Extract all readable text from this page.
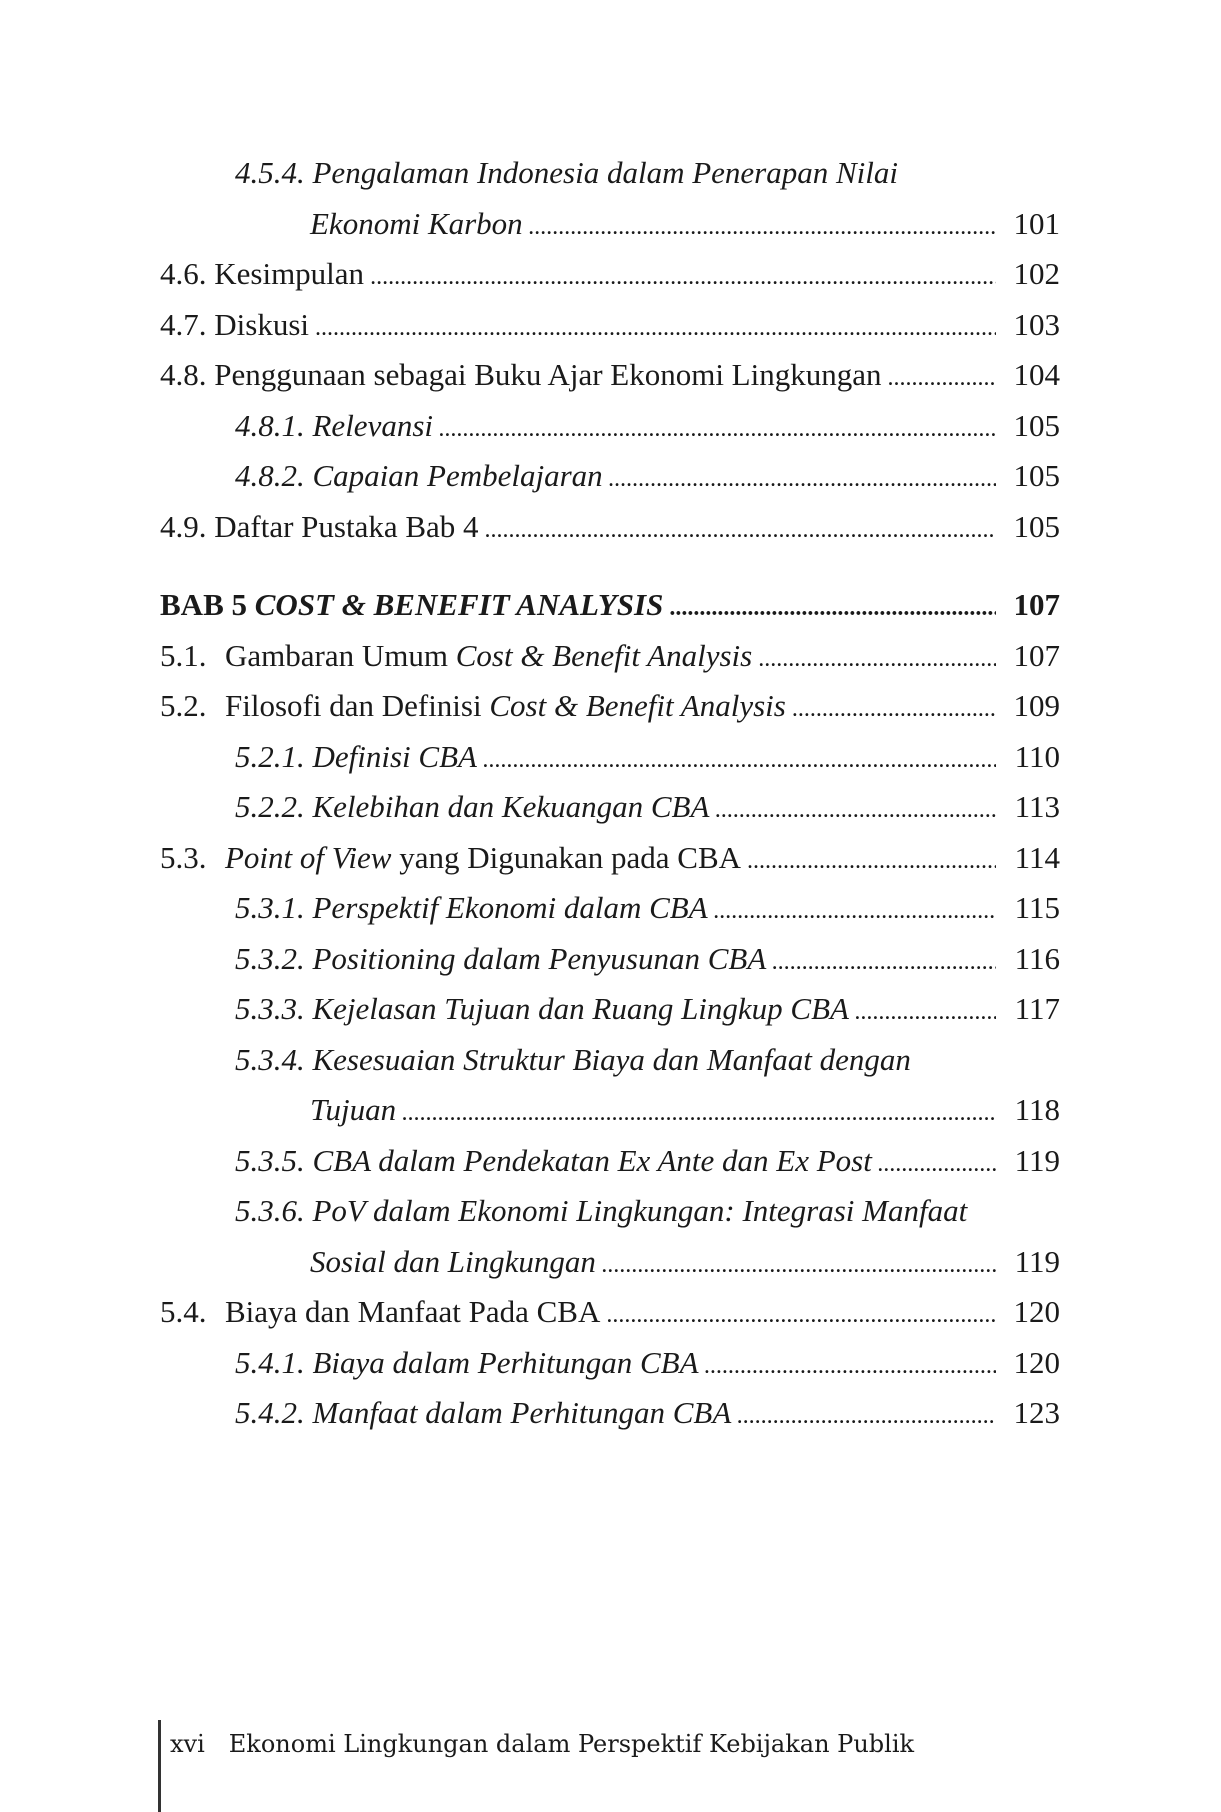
4.5.4. Pengalaman Indonesia dalam Penerapan Nilai
Ekonomi Karbon . . .	101
4.6. Kesimpulan . . .	102
4.7. Diskusi . . .	103
4.8. Penggunaan sebagai Buku Ajar Ekonomi Lingkungan . . .	104
4.8.1. Relevansi . . .	105
4.8.2. Capaian Pembelajaran . . .	105
4.9. Daftar Pustaka Bab 4 . . .	105
BAB 5 COST & BENEFIT ANALYSIS . . .	107
5.1. Gambaran Umum Cost & Benefit Analysis . . .	107
5.2. Filosofi dan Definisi Cost & Benefit Analysis . . .	109
5.2.1. Definisi CBA . . .	110
5.2.2. Kelebihan dan Kekuangan CBA . . .	113
5.3. Point of View yang Digunakan pada CBA . . .	114
5.3.1. Perspektif Ekonomi dalam CBA . . .	115
5.3.2. Positioning dalam Penyusunan CBA . . .	116
5.3.3. Kejelasan Tujuan dan Ruang Lingkup CBA . . .	117
5.3.4. Kesesuaian Struktur Biaya dan Manfaat dengan
Tujuan . . .	118
5.3.5. CBA dalam Pendekatan Ex Ante dan Ex Post . . .	119
5.3.6. PoV dalam Ekonomi Lingkungan: Integrasi Manfaat
Sosial dan Lingkungan . . .	119
5.4. Biaya dan Manfaat Pada CBA . . .	120
5.4.1. Biaya dalam Perhitungan CBA . . .	120
5.4.2. Manfaat dalam Perhitungan CBA . . .	123
xvi Ekonomi Lingkungan dalam Perspektif Kebijakan Publik
